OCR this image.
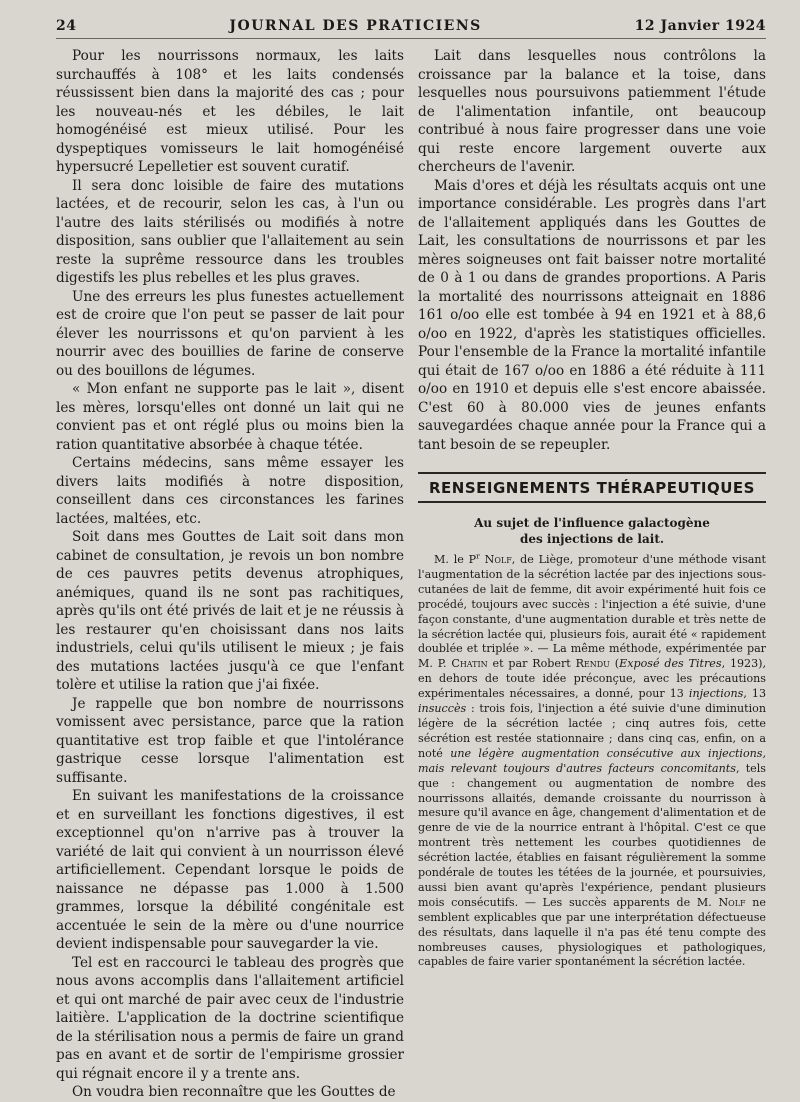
24	JOURNAL DES PRATICIENS	12 Janvier 1924

Pour les nourrissons normaux, les laits surchauffés à 108° et les laits condensés réussissent bien dans la majorité des cas ; pour les nouveau-nés et les débiles, le lait homogénéisé est mieux utilisé. Pour les dyspeptiques vomisseurs le lait homogénéisé hypersucré Lepelletier est souvent curatif.

Il sera donc loisible de faire des mutations lactées, et de recourir, selon les cas, à l'un ou l'autre des laits stérilisés ou modifiés à notre disposition, sans oublier que l'allaitement au sein reste la suprême ressource dans les troubles digestifs les plus rebelles et les plus graves.

Une des erreurs les plus funestes actuellement est de croire que l'on peut se passer de lait pour élever les nourrissons et qu'on parvient à les nourrir avec des bouillies de farine de conserve ou des bouillons de légumes.

« Mon enfant ne supporte pas le lait », disent les mères, lorsqu'elles ont donné un lait qui ne convient pas et ont réglé plus ou moins bien la ration quantitative absorbée à chaque tétée.

Certains médecins, sans même essayer les divers laits modifiés à notre disposition, conseillent dans ces circonstances les farines lactées, maltées, etc.

Soit dans mes Gouttes de Lait soit dans mon cabinet de consultation, je revois un bon nombre de ces pauvres petits devenus atrophiques, anémiques, quand ils ne sont pas rachitiques, après qu'ils ont été privés de lait et je ne réussis à les restaurer qu'en choisissant dans nos laits industriels, celui qu'ils utilisent le mieux ; je fais des mutations lactées jusqu'à ce que l'enfant tolère et utilise la ration que j'ai fixée.

Je rappelle que bon nombre de nourrissons vomissent avec persistance, parce que la ration quantitative est trop faible et que l'intolérance gastrique cesse lorsque l'alimentation est suffisante.

En suivant les manifestations de la croissance et en surveillant les fonctions digestives, il est exceptionnel qu'on n'arrive pas à trouver la variété de lait qui convient à un nourrisson élevé artificiellement. Cependant lorsque le poids de naissance ne dépasse pas 1.000 à 1.500 grammes, lorsque la débilité congénitale est accentuée le sein de la mère ou d'une nourrice devient indispensable pour sauvegarder la vie.

Tel est en raccourci le tableau des progrès que nous avons accomplis dans l'allaitement artificiel et qui ont marché de pair avec ceux de l'industrie laitière. L'application de la doctrine scientifique de la stérilisation nous a permis de faire un grand pas en avant et de sortir de l'empirisme grossier qui régnait encore il y a trente ans.

On voudra bien reconnaître que les Gouttes de

Lait dans lesquelles nous contrôlons la croissance par la balance et la toise, dans lesquelles nous poursuivons patiemment l'étude de l'alimentation infantile, ont beaucoup contribué à nous faire progresser dans une voie qui reste encore largement ouverte aux chercheurs de l'avenir.

Mais d'ores et déjà les résultats acquis ont une importance considérable. Les progrès dans l'art de l'allaitement appliqués dans les Gouttes de Lait, les consultations de nourrissons et par les mères soigneuses ont fait baisser notre mortalité de 0 à 1 ou dans de grandes proportions. A Paris la mortalité des nourrissons atteignait en 1886 161 o/oo elle est tombée à 94 en 1921 et à 88,6 o/oo en 1922, d'après les statistiques officielles. Pour l'ensemble de la France la mortalité infantile qui était de 167 o/oo en 1886 a été réduite à 111 o/oo en 1910 et depuis elle s'est encore abaissée. C'est 60 à 80.000 vies de jeunes enfants sauvegardées chaque année pour la France qui a tant besoin de se repeupler.

RENSEIGNEMENTS THÉRAPEUTIQUES
Au sujet de l'influence galactogène
des injections de lait.

M. le $P^r$ Nolf, de Liège, promoteur d'une méthode visant l'augmentation de la sécrétion lactée par des injections sous-cutanées de lait de femme, dit avoir expérimenté huit fois ce procédé, toujours avec succès : l'injection a été suivie, d'une façon constante, d'une augmentation durable et très nette de la sécrétion lactée qui, plusieurs fois, aurait été « rapidement doublée et triplée ». — La même méthode, expérimentée par M. P. Chatin et par Robert Rendu (Exposé des Titres, 1923), en dehors de toute idée préconçue, avec les précautions expérimentales nécessaires, a donné, pour 13 injections, 13 insuccès : trois fois, l'injection a été suivie d'une diminution légère de la sécrétion lactée ; cinq autres fois, cette sécrétion est restée stationnaire ; dans cinq cas, enfin, on a noté une légère augmentation consécutive aux injections, mais relevant toujours d'autres facteurs concomitants, tels que : changement ou augmentation de nombre des nourrissons allaités, demande croissante du nourrisson à mesure qu'il avance en âge, changement d'alimentation et de genre de vie de la nourrice entrant à l'hôpital. C'est ce que montrent très nettement les courbes quotidiennes de sécrétion lactée, établies en faisant régulièrement la somme pondérale de toutes les tétées de la journée, et poursuivies, aussi bien avant qu'après l'expérience, pendant plusieurs mois consécutifs. — Les succès apparents de M. Nolf ne semblent explicables que par une interprétation défectueuse des résultats, dans laquelle il n'a pas été tenu compte des nombreuses causes, physiologiques et pathologiques, capables de faire varier spontanément la sécrétion lactée.
